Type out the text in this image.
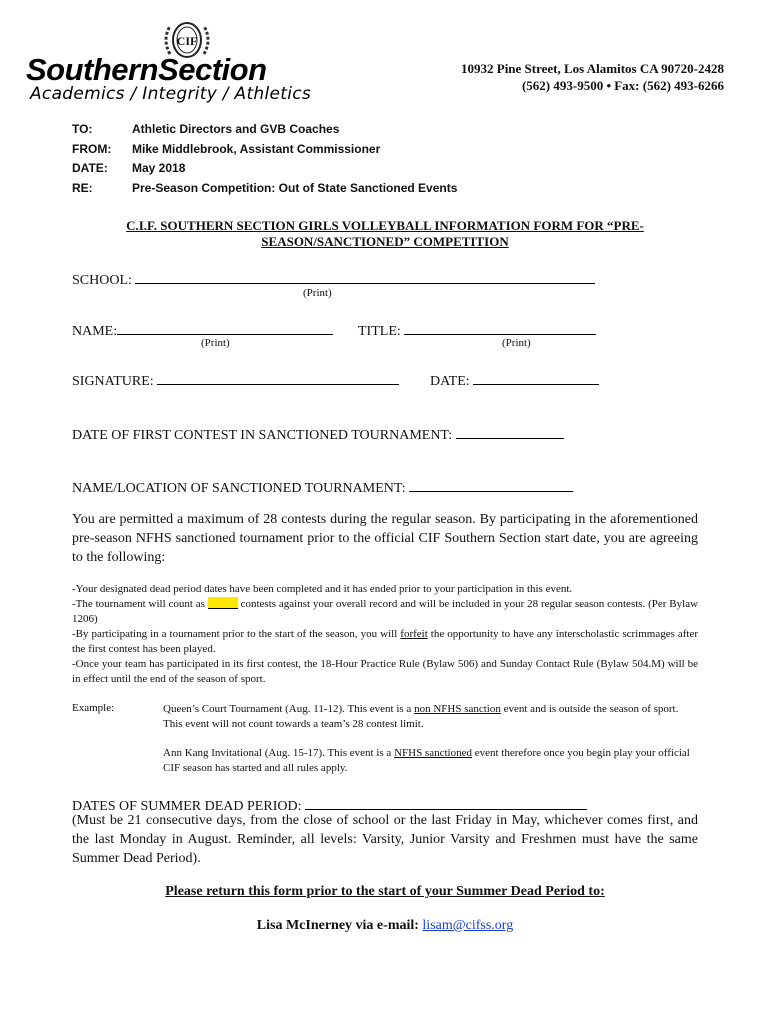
CIF
SouthernSection
Academics / Integrity / Athletics
10932 Pine Street, Los Alamitos CA 90720-2428
(562) 493-9500 • Fax: (562) 493-6266
TO:	Athletic Directors and GVB Coaches
FROM:	Mike Middlebrook, Assistant Commissioner
DATE:	May 2018
RE:	Pre-Season Competition: Out of State Sanctioned Events
C.I.F. SOUTHERN SECTION GIRLS VOLLEYBALL INFORMATION FORM FOR “PRE-
SEASON/SANCTIONED” COMPETITION
SCHOOL:
(Print)
NAME:
(Print)
TITLE:
(Print)
SIGNATURE:	DATE:
DATE OF FIRST CONTEST IN SANCTIONED TOURNAMENT:
NAME/LOCATION OF SANCTIONED TOURNAMENT:
You are permitted a maximum of 28 contests during the regular season. By participating in the aforementioned pre-season NFHS sanctioned tournament prior to the official CIF Southern Section start date, you are agreeing to the following:
-Your designated dead period dates have been completed and it has ended prior to your participation in this event.
-The tournament will count as	contests against your overall record and will be included in your 28 regular season contests. (Per Bylaw 1206)
-By participating in a tournament prior to the start of the season, you will forfeit the opportunity to have any interscholastic scrimmages after the first contest has been played.
-Once your team has participated in its first contest, the 18-Hour Practice Rule (Bylaw 506) and Sunday Contact Rule (Bylaw 504.M) will be in effect until the end of the season of sport.
Example:	Queen’s Court Tournament (Aug. 11-12). This event is a non NFHS sanction event and is outside the season of sport. This event will not count towards a team’s 28 contest limit.
Ann Kang Invitational (Aug. 15-17). This event is a NFHS sanctioned event therefore once you begin play your official CIF season has started and all rules apply.
DATES OF SUMMER DEAD PERIOD:
(Must be 21 consecutive days, from the close of school or the last Friday in May, whichever comes first, and the last Monday in August. Reminder, all levels: Varsity, Junior Varsity and Freshmen must have the same Summer Dead Period).
Please return this form prior to the start of your Summer Dead Period to:
Lisa McInerney via e-mail: lisam@cifss.org
